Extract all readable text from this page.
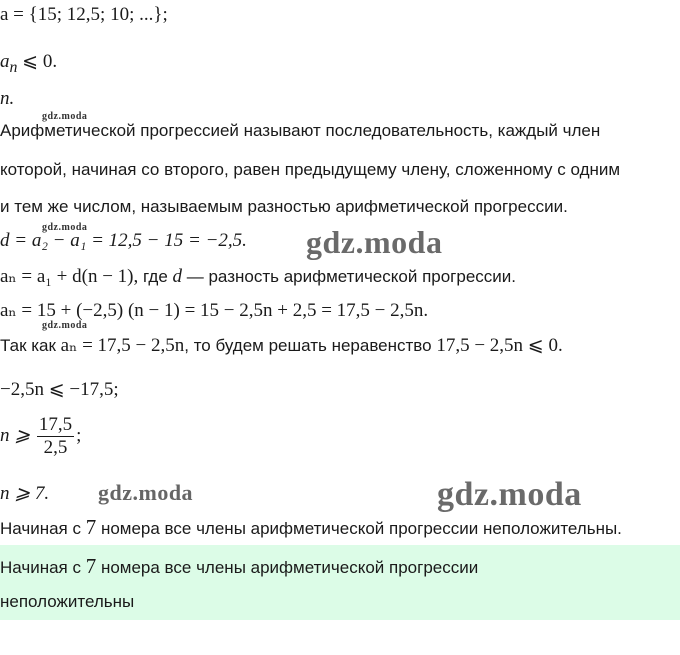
a = {15; 12,5; 10; ...};
$a_n$ ⩽ 0.
n.
gdz.moda
Арифметической прогрессией называют последовательность, каждый член
которой, начиная со второго, равен предыдущему члену, сложенному с одним
и тем же числом, называемым разностью арифметической прогрессии.
gdz.moda
d = a₂ − a₁ = 12,5 − 15 = −2,5. gdz.moda
aₙ = a₁ + d(n − 1), где d — разность арифметической прогрессии.
aₙ = 15 + (−2,5) (n − 1) = 15 − 2,5n + 2,5 = 17,5 − 2,5n.
gdz.moda
Так как aₙ = 17,5 − 2,5n, то будем решать неравенство 17,5 − 2,5n ⩽ 0.
−2,5n ⩽ −17,5;
n ⩾ $\frac{17,5}{2,5}$ ;
n ⩾ 7. gdz.moda	gdz.moda
Начиная с 7 номера все члены арифметической прогрессии неположительны.
Начиная с 7 номера все члены арифметической прогрессии
неположительны
